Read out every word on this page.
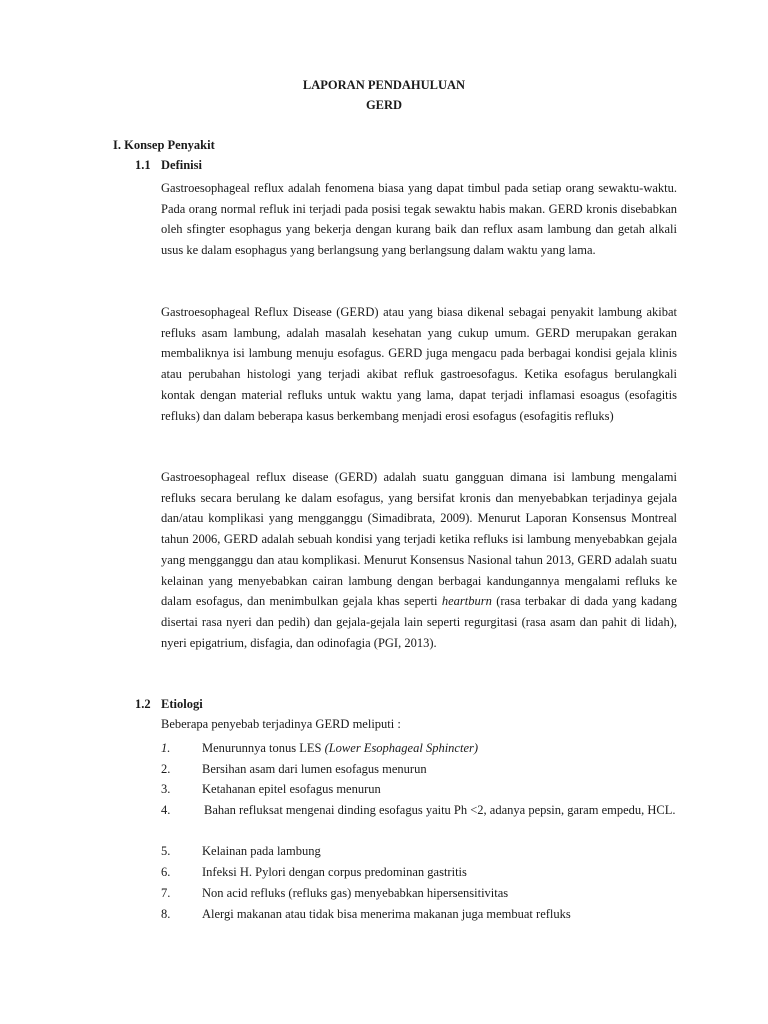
LAPORAN PENDAHULUAN
GERD
I. Konsep Penyakit
1.1 Definisi

Gastroesophageal reflux adalah fenomena biasa yang dapat timbul pada setiap orang sewaktu-waktu. Pada orang normal refluk ini terjadi pada posisi tegak sewaktu habis makan. GERD kronis disebabkan oleh sfingter esophagus yang bekerja dengan kurang baik dan reflux asam lambung dan getah alkali usus ke dalam esophagus yang berlangsung yang berlangsung dalam waktu yang lama.

Gastroesophageal Reflux Disease (GERD) atau yang biasa dikenal sebagai penyakit lambung akibat refluks asam lambung, adalah masalah kesehatan yang cukup umum. GERD merupakan gerakan membaliknya isi lambung menuju esofagus. GERD juga mengacu pada berbagai kondisi gejala klinis atau perubahan histologi yang terjadi akibat refluk gastroesofagus. Ketika esofagus berulangkali kontak dengan material refluks untuk waktu yang lama, dapat terjadi inflamasi esoagus (esofagitis refluks) dan dalam beberapa kasus berkembang menjadi erosi esofagus (esofagitis refluks)

Gastroesophageal reflux disease (GERD) adalah suatu gangguan dimana isi lambung mengalami refluks secara berulang ke dalam esofagus, yang bersifat kronis dan menyebabkan terjadinya gejala dan/atau komplikasi yang mengganggu (Simadibrata, 2009). Menurut Laporan Konsensus Montreal tahun 2006, GERD adalah sebuah kondisi yang terjadi ketika refluks isi lambung menyebabkan gejala yang mengganggu dan atau komplikasi. Menurut Konsensus Nasional tahun 2013, GERD adalah suatu kelainan yang menyebabkan cairan lambung dengan berbagai kandungannya mengalami refluks ke dalam esofagus, dan menimbulkan gejala khas seperti heartburn (rasa terbakar di dada yang kadang disertai rasa nyeri dan pedih) dan gejala-gejala lain seperti regurgitasi (rasa asam dan pahit di lidah), nyeri epigatrium, disfagia, dan odinofagia (PGI, 2013).

1.2 Etiologi
Beberapa penyebab terjadinya GERD meliputi :
1.	Menurunnya tonus LES (Lower Esophageal Sphincter)
2.	Bersihan asam dari lumen esofagus menurun
3.	Ketahanan epitel esofagus menurun
4.	Bahan refluksat mengenai dinding esofagus yaitu Ph <2, adanya pepsin, garam empedu, HCL.
5.	Kelainan pada lambung
6.	Infeksi H. Pylori dengan corpus predominan gastritis
7.	Non acid refluks (refluks gas) menyebabkan hipersensitivitas
8.	Alergi makanan atau tidak bisa menerima makanan juga membuat refluks
